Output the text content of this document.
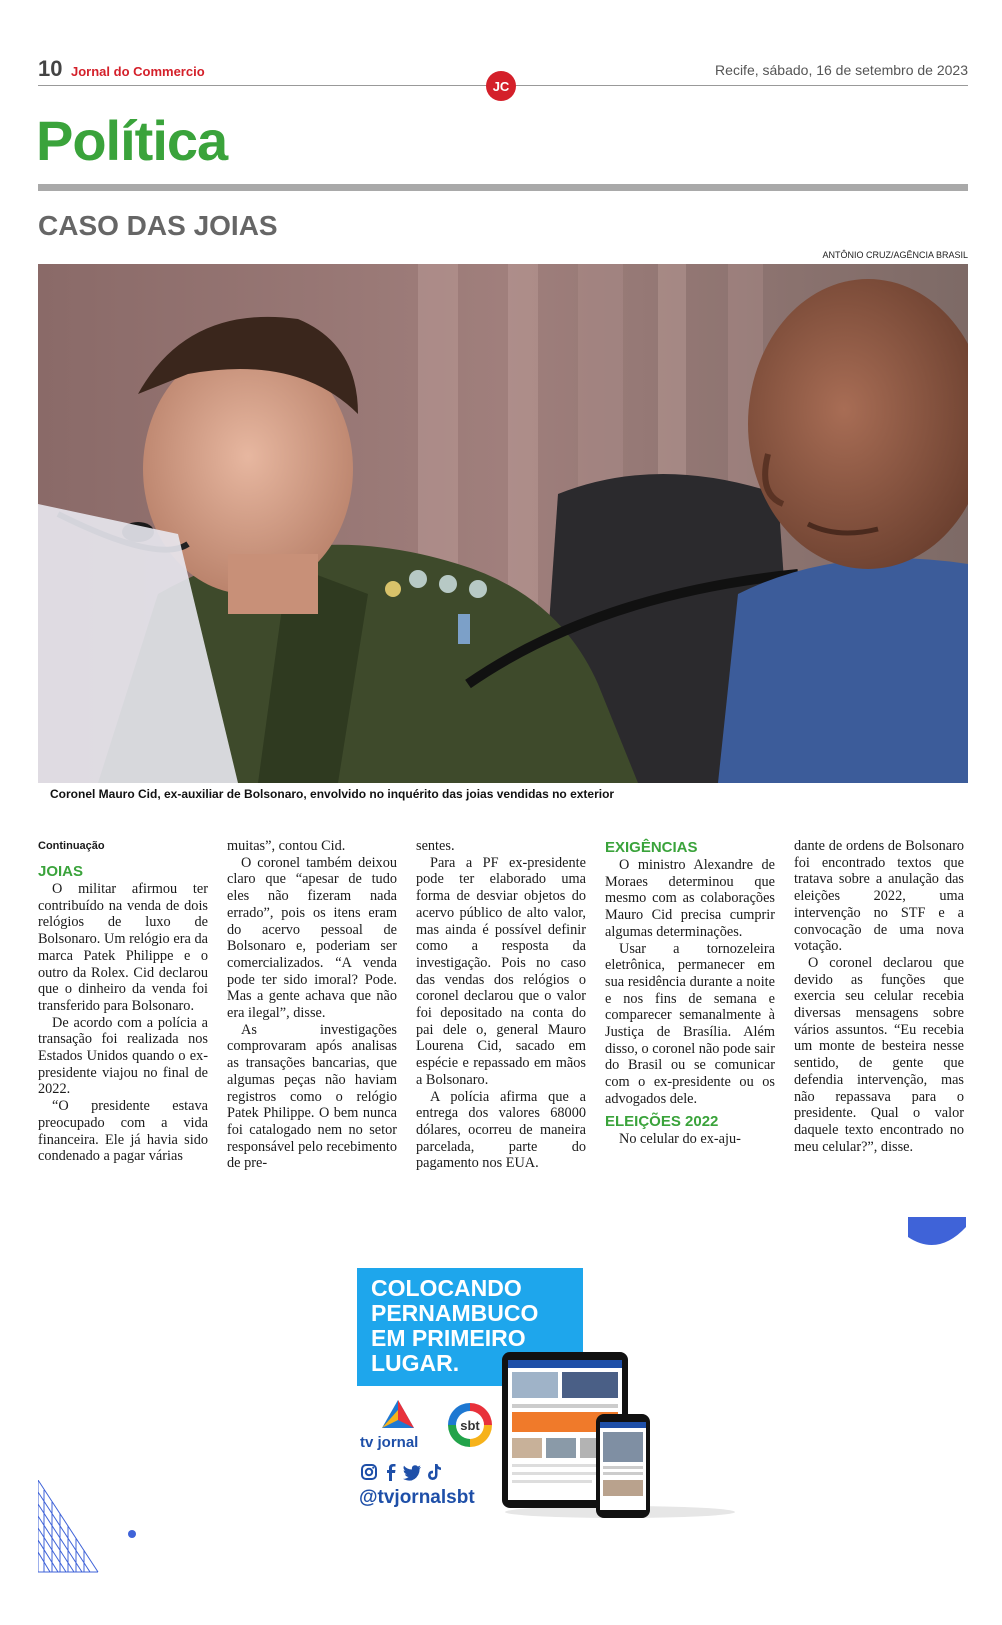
10 Jornal do Commercio	Recife, sábado, 16 de setembro de 2023
JC
Política
CASO DAS JOIAS
ANTÔNIO CRUZ/AGÊNCIA BRASIL
Coronel Mauro Cid, ex-auxiliar de Bolsonaro, envolvido no inquérito das joias vendidas no exterior
Continuação
JOIAS

O militar afirmou ter contribuído na venda de dois relógios de luxo de Bolsonaro. Um relógio era da marca Patek Philippe e o outro da Rolex. Cid declarou que o dinheiro da venda foi transferido para Bolsonaro.

De acordo com a polícia a transação foi realizada nos Estados Unidos quando o ex-presidente viajou no final de 2022.

“O presidente estava preocupado com a vida financeira. Ele já havia sido condenado a pagar várias

muitas”, contou Cid.

O coronel também deixou claro que “apesar de tudo eles não fizeram nada errado”, pois os itens eram do acervo pessoal de Bolsonaro e, poderiam ser comercializados. “A venda pode ter sido imoral? Pode. Mas a gente achava que não era ilegal”, disse.

As investigações comprovaram após analisas as transações bancarias, que algumas peças não haviam registros como o relógio Patek Philippe. O bem nunca foi catalogado nem no setor responsável pelo recebimento de pre-

sentes.

Para a PF ex-presidente pode ter elaborado uma forma de desviar objetos do acervo público de alto valor, mas ainda é possível definir como a resposta da investigação. Pois no caso das vendas dos relógios o coronel declarou que o valor foi depositado na conta do pai dele o, general Mauro Lourena Cid, sacado em espécie e repassado em mãos a Bolsonaro.

A polícia afirma que a entrega dos valores 68000 dólares, ocorreu de maneira parcelada, parte do pagamento nos EUA.

EXIGÊNCIAS

O ministro Alexandre de Moraes determinou que mesmo com as colaborações Mauro Cid precisa cumprir algumas determinações.

Usar a tornozeleira eletrônica, permanecer em sua residência durante a noite e nos fins de semana e comparecer semanalmente à Justiça de Brasília. Além disso, o coronel não pode sair do Brasil ou se comunicar com o ex-presidente ou os advogados dele.

ELEIÇÕES 2022

No celular do ex-aju-

dante de ordens de Bolsonaro foi encontrado textos que tratava sobre a anulação das eleições 2022, uma intervenção no STF e a convocação de uma nova votação.

O coronel declarou que devido as funções que exercia seu celular recebia diversas mensagens sobre vários assuntos. “Eu recebia um monte de besteira nesse sentido, de gente que defendia intervenção, mas não repassava para o presidente. Qual o valor daquele texto encontrado no meu celular?”, disse.

COLOCANDO PERNAMBUCO EM PRIMEIRO LUGAR.
tv jornal
sbt
@tvjornalsbt
